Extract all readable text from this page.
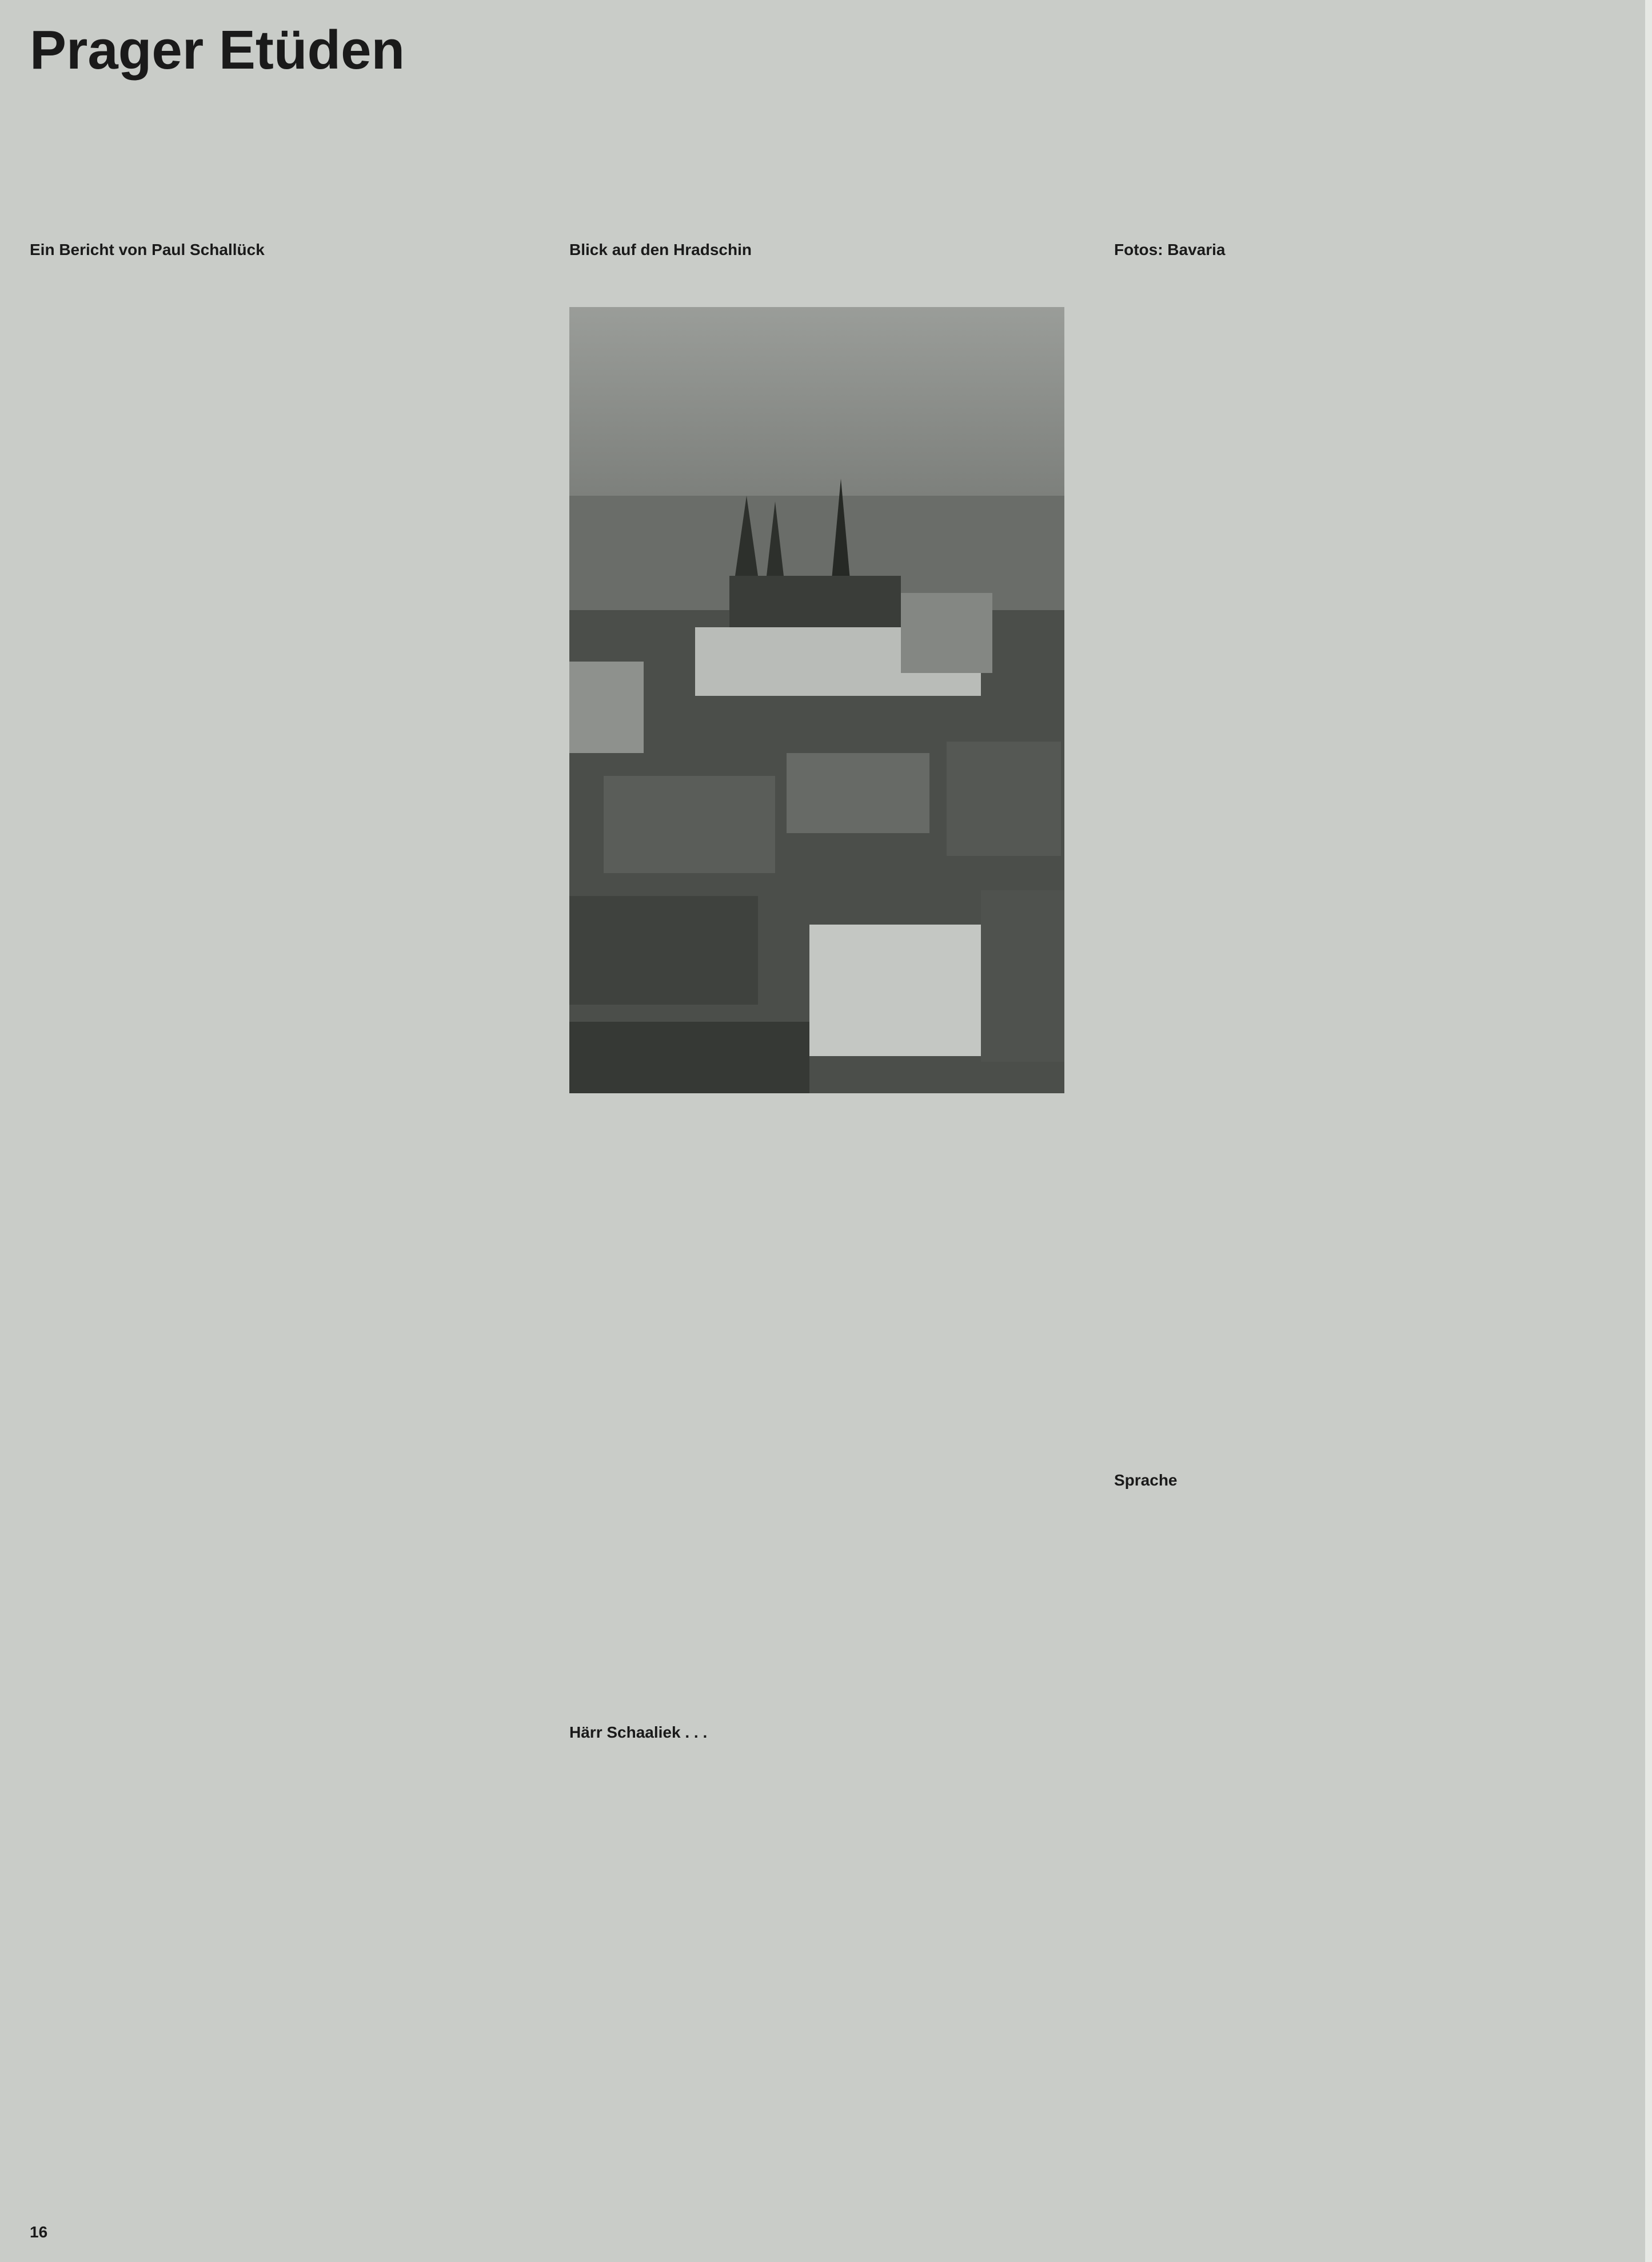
Prager Etüden
Ein Bericht von Paul Schallück	Blick auf den Hradschin	Fotos: Bavaria
Härr Schaaliek . . .
Sprache
16
